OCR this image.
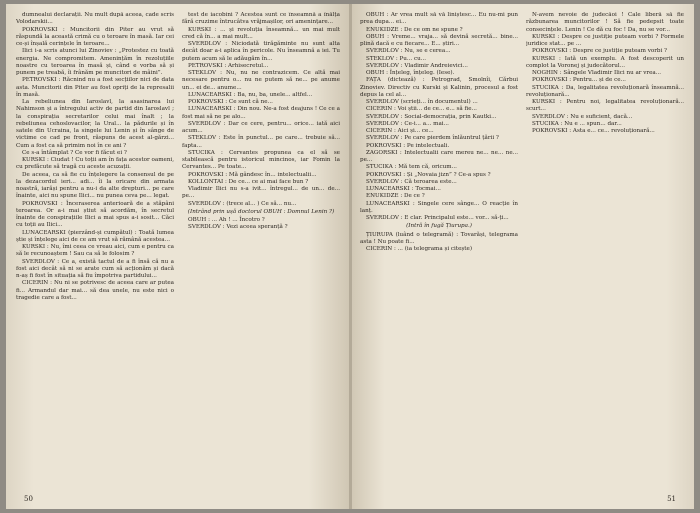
dumnealui declarații. Nu mult după aceea, cade scris Volodarskii...

POKROVSKI : Muncitorii din Piter au vrut să răspundă la această crimă cu o teroare în masă. Iar cei ce-și înșală cerințele în teroare...

Ilici i-a scris atunci lui Zinoviev : „Protestez cu toată energia. Ne compromitem. Amenințăm în rezoluțiile noastre cu teroarea în masă și, când e vorba să și punem pe treabă, îi frânăm pe muncitori de mâini”.

PETROVSKI : Răcnind nu a fost secțiilor nici de data asta. Muncitorii din Piter au fost opriți de la represalii în masă.

La rebeliunea din Iaroslavl, la asasinarea lui Nahimson și a întregului activ de partid din Iaroslavl ; la conspirația secretarilor celui mai înalt ; la rebeliunea cehoslovacilor, la Ural... la pădurile și în satele din Ucraina, la singele lui Lenin și în sânge de victime ce cad pe front, răspuns de acest al-gărzi... Cum a fost ca să primim noi în ce ani ?

Ce s-a întâmplat ? Ce vor fi făcut ei ?

KURSKI : Ciudat ! Cu toții am în fața acestor oameni, cu prefăcute să tragă cu aceste acuzații.

De aceea, ca să fie cu înțelegere la consensul de pe la dezacordul ieri... adi... îi la oricare din armata noastră, iarăși pentru a nu-i da alte drepturi... pe care înainte, aici nu spune Ilici... nu punea ceva pe... legat.

POKROVSKI : Înceraserea anterioară de a stăpâni teroarea. Or a-i mai știut să acordăm, în secretul înainte de conspirațiile Ilici a mai spus a-i sosit... Căci cu toții au Ilici...

LUNACEARSKI (pierzând-și cumpătul) : Toată lumea știe și înțelege aici de ce am vrut să rămână acestea...

KURSKI : Nu, îmi ceea ce vreau aici, cum e pentru ca să le recunoaștem ! Sau ca să le folosim ?

SVERDLOV : Ce a, există tactul de a fi însă că nu a fost aici decât să ni se arate cum să acționăm și dacă n-aș fi fost în situația să fiu împotriva partidului...

CICERIN : Nu ni se potrivesc de aceea care ar putea fi... Armandul dar mai... să dea unele, nu este nici o tragedie care a fost...

test de iacobini ? Acestea sunt ce înseamnă a înălța fără cruzime întrucâtva vrăjmașilor, ori amenințare...

KURSKI : ... și revoluția înseamnă... un mai mult cred că în... a mai mult...

SVERDLOV : Niciodată tirăgăminte nu sunt alta decât doar a-i aplica în pericole. Nu înseamnă a iei. Tu putem acum să le adăugăm în...

PETROVSKI : Arhisecretul...

STEKLOV : Nu, nu ne contrazicem. Ce altă mai necesare pentru o... nu ne putem să ne... pe anume un... ei de... anume...

LUNACEARSKI : Ba, nu, ba, unele... altfel...

POKROVSKI : Ce sunt că ne...

LUNACEARSKI : Din nou. Ne-a fost deajuns ! Ce ce a fost mai să ne pe alo...

SVERDLOV : Dar ce cere, pentru... orice... iată aici acum...

STEKLOV : Este în punctul... pe care... trebuie să... fapta...

STUCIKA : Cervantes propunea ca el să se stabilească pentru istoricul mincinos, iar Fomin la Cervantes... Pe toate...

POKROVSKI : Mă gândesc în... intelectualii...

KOLLONTAI : De ce... ce ai mai face bun ?

Vladimir Ilici nu s-a ivit... întregul... de un... de... pe...

SVERDLOV : (trece al... ) Ce să... nu...

(Intrând prin ușă doctorul OBUH : Domnul Lenin ?)

OBUH : ... Ah ! ... Încotro ?

SVERDLOV : Vezi aceea speranță ?

50

OBUH : Ar vrea mult să vă liniștesc... Eu nu-mi pun prea dupa... ei...

ENUKIDZE : De ce om ne spune ?

OBUH : Vreme... vraja... să devină secretă... bine... plină dacă e cu fiecare... E... știri...

SVERDLOV : Nu, se e cerea...

STEKLOV : Pu... cu...

SVERDLOV : Vladimir Andreievici...

OBUH : Înțeleg, înțeleg. (Iese).

FAȚA (dictează) : Petrograd, Smolnîi, Cărbui Zinoviev. Directiv cu Kurski și Kalinin, procesul a fost depus la cel al...

SVERDLOV (scrieți... în documentul) ...

CICERIN : Voi știi... de ce... e... să fie...

SVERDLOV : Social-democrația, prin Kautki...

SVERDLOV : Ce-i... a... mai...

CICERIN : Aici și... ce...

SVERDLOV : Pe care pierdem înlăuntrul țării ?

POKROVSKI : Pe intelectuali.

ZAGORSKI : Intelectualii care mereu ne... ne... ne... pe...

STUCIKA : Mă tem că, oricum...

POKROVSKI : Și „Novaia jizn” ? Ce-a spus ?

SVERDLOV : Că teroarea este...

LUNACEARSKI : Tocmai...

ENUKIDZE : De ce ?

LUNACEARSKI : Singele cere sânge... O reacție în lanț.

SVERDLOV : E clar. Principalul este... vor... să-ți...

(Intră în fugă Țiurupa.)

ȚIURUPA (luând o telegramă) : Tovarăși, telegrama asta ! Nu poate fi...

CICERIN : ... (ia telegrama și citește)

N-avem nevoie de judecăoi ! Cale liberă să fie răzbunarea muncitorilor ! Să fie pedepsit toate consecințele. Lenin ! Ce dă cu foc ! Da, nu se vor...

KURSKI : Despre ce justiție puteam vorbi ? Formele juridice stat... pe ...

POKROVSKI : Despre ce justiție puteam vorbi ?

KURSKI : Iată un exemplu. A fost descoperit un complot la Voronej și judecătorul...

NOGHIN : Sângele Vladimir Ilici nu ar vrea...

POKROVSKI : Pentru... și de ce...

STUCIKA : Da, legalitatea revoluționară înseamnă... revoluționară...

KURSKI : Pentru noi, legalitatea revoluționară... scurt...

SVERDLOV : Nu e suficient, dacă...

STUCIKA : Nu e ... spun... dar...

POKROVSKI : Asta e... ce... revoluționară...

51
